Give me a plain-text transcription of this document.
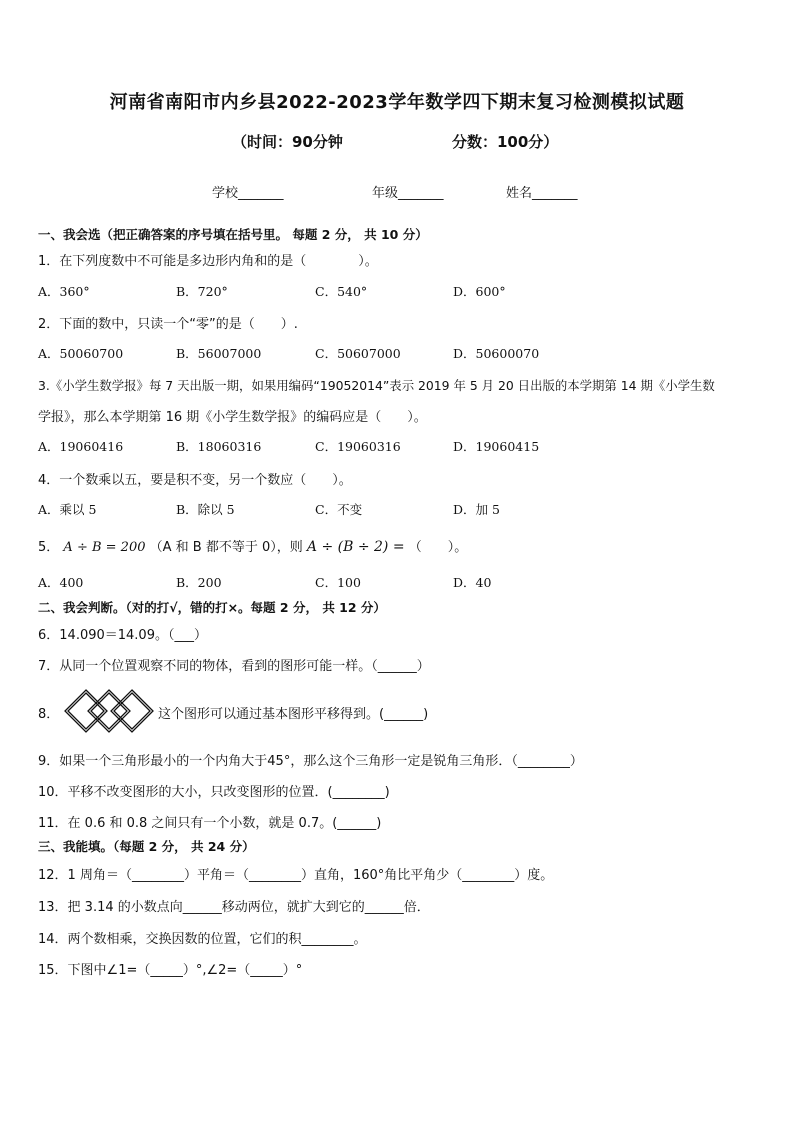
河南省南阳市内乡县2022-2023学年数学四下期末复习检测模拟试题
（时间：90分钟	分数：100分）
学校_______	年级_______	姓名_______
一、我会选（把正确答案的序号填在括号里。 每题 2 分， 共 10 分）
1．在下列度数中不可能是多边形内角和的是（　　　　）。
A．360°	B．720°	C．540°	D．600°
2．下面的数中，只读一个“零”的是（　　）.
A．50060700	B．56007000	C．50607000	D．50600070
3.《小学生数学报》每 7 天出版一期，如果用编码“19052014”表示 2019 年 5 月 20 日出版的本学期第 14 期《小学生数
学报》，那么本学期第 16 期《小学生数学报》的编码应是（　　）。
A．19060416	B．18060316	C．19060316	D．19060415
4．一个数乘以五，要是积不变，另一个数应（　　）。
A．乘以 5	B．除以 5	C．不变	D．加 5
5． A ÷ B = 200 （A 和 B 都不等于 0），则 A ÷ (B ÷ 2) = （　　）。
A．400	B．200	C．100	D．40
二、我会判断。（对的打√，错的打×。每题 2 分， 共 12 分）
6．14.090＝14.09。（___）
7．从同一个位置观察不同的物体，看到的图形可能一样。（______）
8．	这个图形可以通过基本图形平移得到。(______)
9．如果一个三角形最小的一个内角大于45°，那么这个三角形一定是锐角三角形．（________）
10．平移不改变图形的大小，只改变图形的位置．(________)
11．在 0.6 和 0.8 之间只有一个小数，就是 0.7。(______)
三、我能填。（每题 2 分， 共 24 分）
12．1 周角＝（________）平角＝（________）直角，160°角比平角少（________）度。
13．把 3.14 的小数点向______移动两位，就扩大到它的______倍．
14．两个数相乘，交换因数的位置，它们的积________。
15．下图中∠1=（_____）°,∠2=（_____）°
